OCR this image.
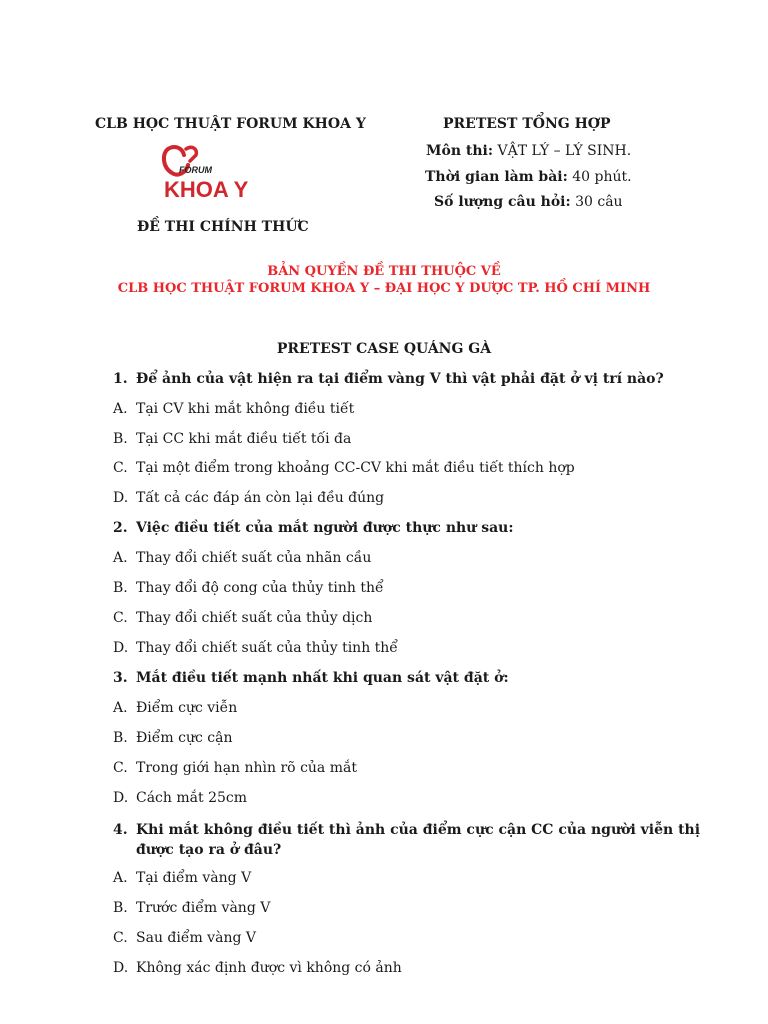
CLB HỌC THUẬT FORUM KHOA Y	PRETEST TỔNG HỢP
Môn thi: VẬT LÝ – LÝ SINH.
Thời gian làm bài: 40 phút.
Số lượng câu hỏi: 30 câu
FORUM
KHOA Y
ĐỀ THI CHÍNH THỨC
BẢN QUYỀN ĐỀ THI THUỘC VỀ
CLB HỌC THUẬT FORUM KHOA Y – ĐẠI HỌC Y DƯỢC TP. HỒ CHÍ MINH
PRETEST CASE QUÁNG GÀ
1. Để ảnh của vật hiện ra tại điểm vàng V thì vật phải đặt ở vị trí nào?
A. Tại CV khi mắt không điều tiết
B. Tại CC khi mắt điều tiết tối đa
C. Tại một điểm trong khoảng CC-CV khi mắt điều tiết thích hợp
D. Tất cả các đáp án còn lại đều đúng
2. Việc điều tiết của mắt người được thực như sau:
A. Thay đổi chiết suất của nhãn cầu
B. Thay đổi độ cong của thủy tinh thể
C. Thay đổi chiết suất của thủy dịch
D. Thay đổi chiết suất của thủy tinh thể
3. Mắt điều tiết mạnh nhất khi quan sát vật đặt ở:
A. Điểm cực viễn
B. Điểm cực cận
C. Trong giới hạn nhìn rõ của mắt
D. Cách mắt 25cm
4. Khi mắt không điều tiết thì ảnh của điểm cực cận CC của người viễn thị được tạo ra ở đâu?
A. Tại điểm vàng V
B. Trước điểm vàng V
C. Sau điểm vàng V
D. Không xác định được vì không có ảnh
